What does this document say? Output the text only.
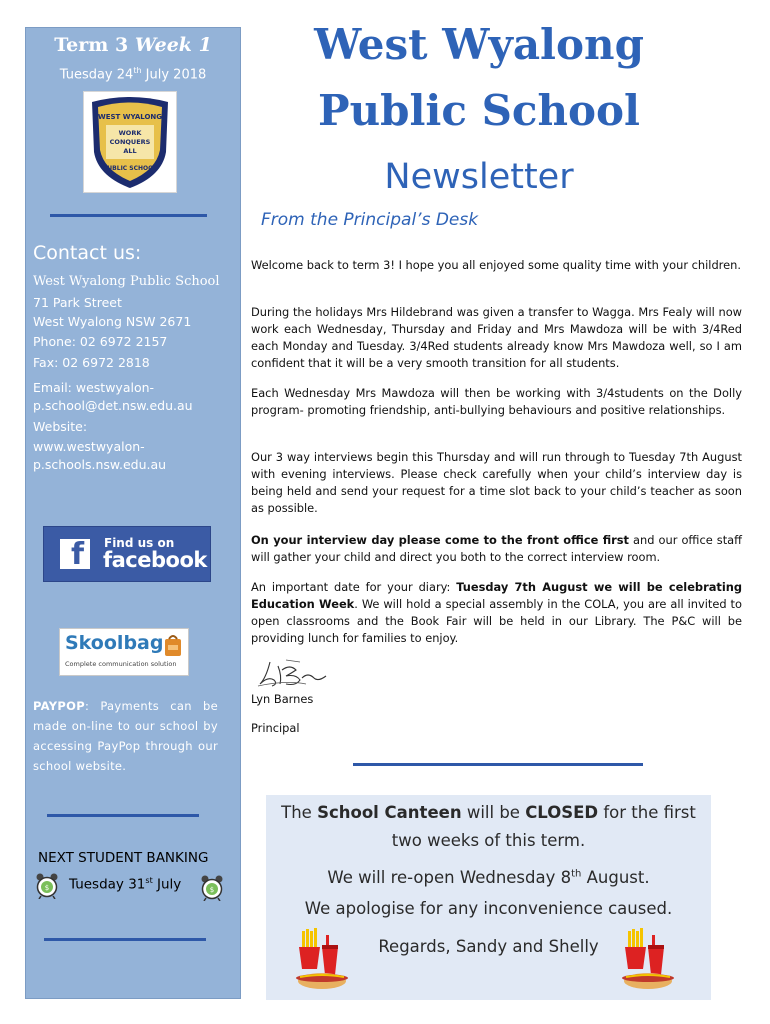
Term 3 Week 1
Tuesday 24th July 2018
WEST WYALONG
WORK
CONQUERS
ALL
PUBLIC SCHOOL
Contact us:
West Wyalong Public School
71 Park Street
West Wyalong NSW 2671
Phone: 02 6972 2157
Fax: 02 6972 2818
Email: westwyalon-
p.school@det.nsw.edu.au
Website:
www.westwyalon-
p.schools.nsw.edu.au
f Find us on
facebook
Skoolbag
Complete communication solution
PAYPOP: Payments can be made on-line to our school by accessing PayPop through our school website.
NEXT STUDENT BANKING
$ Tuesday 31st July	$
West Wyalong
Public School
Newsletter
From the Principal’s Desk

Welcome back to term 3! I hope you all enjoyed some quality time with your children.

During the holidays Mrs Hildebrand was given a transfer to Wagga. Mrs Fealy will now work each Wednesday, Thursday and Friday and Mrs Mawdoza will be with 3/4Red each Monday and Tuesday. 3/4Red students already know Mrs Mawdoza well, so I am confident that it will be a very smooth transition for all students.

Each Wednesday Mrs Mawdoza will then be working with 3/4students on the Dolly program- promoting friendship, anti-bullying behaviours and positive relationships.

Our 3 way interviews begin this Thursday and will run through to Tuesday 7th August with evening interviews. Please check carefully when your child’s interview day is being held and send your request for a time slot back to your child’s teacher as soon as possible.

On your interview day please come to the front office first and our office staff will gather your child and direct you both to the correct interview room.

An important date for your diary: Tuesday 7th August we will be celebrating Education Week. We will hold a special assembly in the COLA, you are all invited to open classrooms and the Book Fair will be held in our Library. The P&C will be providing lunch for families to enjoy.

Lyn Barnes
Principal
The School Canteen will be CLOSED for the first
two weeks of this term.
We will re-open Wednesday 8th August.
We apologise for any inconvenience caused.
Regards, Sandy and Shelly
